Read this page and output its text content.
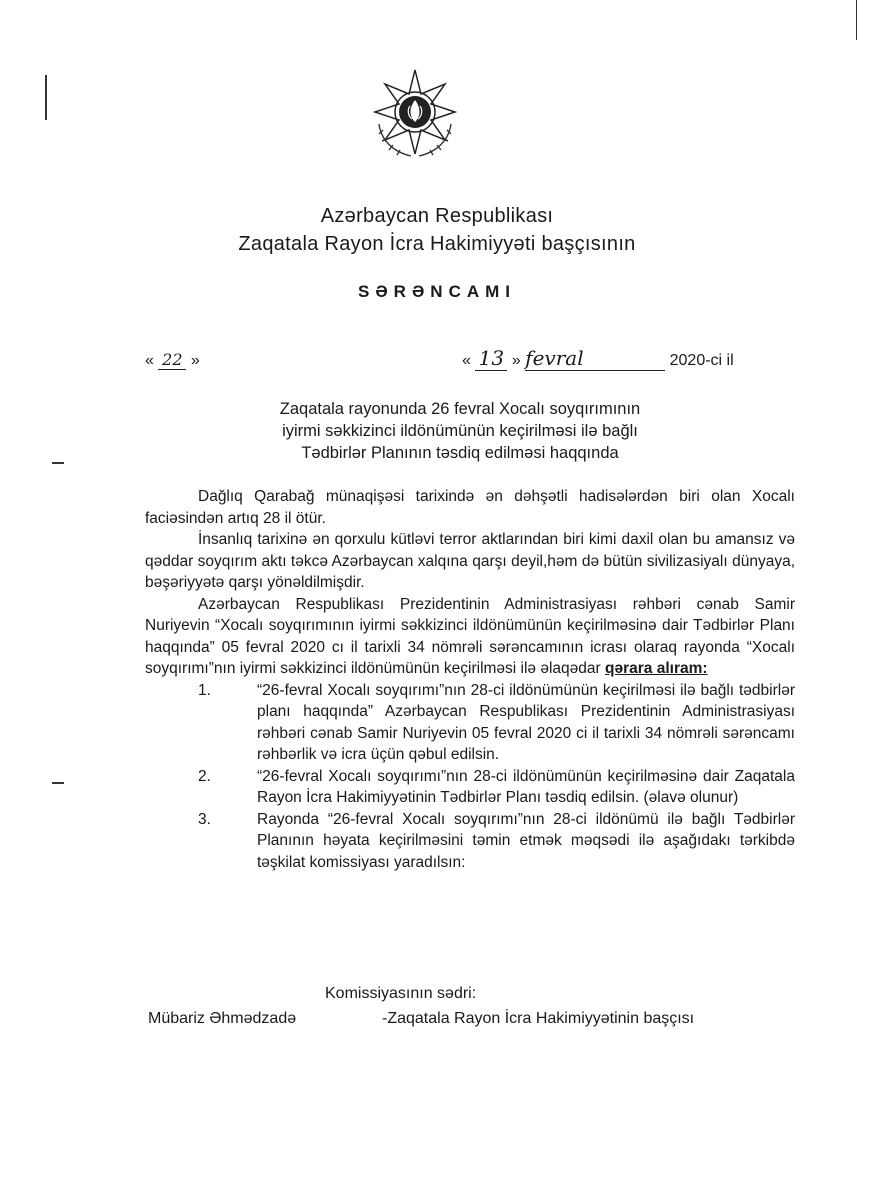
Azərbaycan Respublikası
Zaqatala Rayon İcra Hakimiyyəti başçısının
SƏRƏNCAMI
« 22 »	« 13 » fevral	2020-ci il
Zaqatala rayonunda 26 fevral Xocalı soyqırımının
iyirmi səkkizinci ildönümünün keçirilməsi ilə bağlı
Tədbirlər Planının təsdiq edilməsi haqqında

Dağlıq Qarabağ münaqişəsi tarixində ən dəhşətli hadisələrdən biri olan Xocalı faciəsindən artıq 28 il ötür.

İnsanlıq tarixinə ən qorxulu kütləvi terror aktlarından biri kimi daxil olan bu amansız və qəddar soyqırım aktı təkcə Azərbaycan xalqına qarşı deyil,həm də bütün sivilizasiyalı dünyaya, bəşəriyyətə qarşı yönəldilmişdir.

Azərbaycan Respublikası Prezidentinin Administrasiyası rəhbəri cənab Samir Nuriyevin “Xocalı soyqırımının iyirmi səkkizinci ildönümünün keçirilməsinə dair Tədbirlər Planı haqqında” 05 fevral 2020 cı il tarixli 34 nömrəli sərəncamının icrası olaraq rayonda “Xocalı soyqırımı”nın iyirmi səkkizinci ildönümünün keçirilməsi ilə əlaqədar qərara alıram:

1.	“26-fevral Xocalı soyqırımı”nın 28-ci ildönümünün keçirilməsi ilə bağlı tədbirlər planı haqqında” Azərbaycan Respublikası Prezidentinin Administrasiyası rəhbəri cənab Samir Nuriyevin 05 fevral 2020 ci il tarixli 34 nömrəli sərəncamı rəhbərlik və icra üçün qəbul edilsin.
2.	“26-fevral Xocalı soyqırımı”nın 28-ci ildönümünün keçirilməsinə dair Zaqatala Rayon İcra Hakimiyyətinin Tədbirlər Planı təsdiq edilsin. (əlavə olunur)
3.	Rayonda “26-fevral Xocalı soyqırımı”nın 28-ci ildönümü ilə bağlı Tədbirlər Planının həyata keçirilməsini təmin etmək məqsədi ilə aşağıdakı tərkibdə təşkilat komissiyası yaradılsın:
Komissiyasının sədri:
Mübariz Əhmədzadə	-Zaqatala Rayon İcra Hakimiyyətinin başçısı
